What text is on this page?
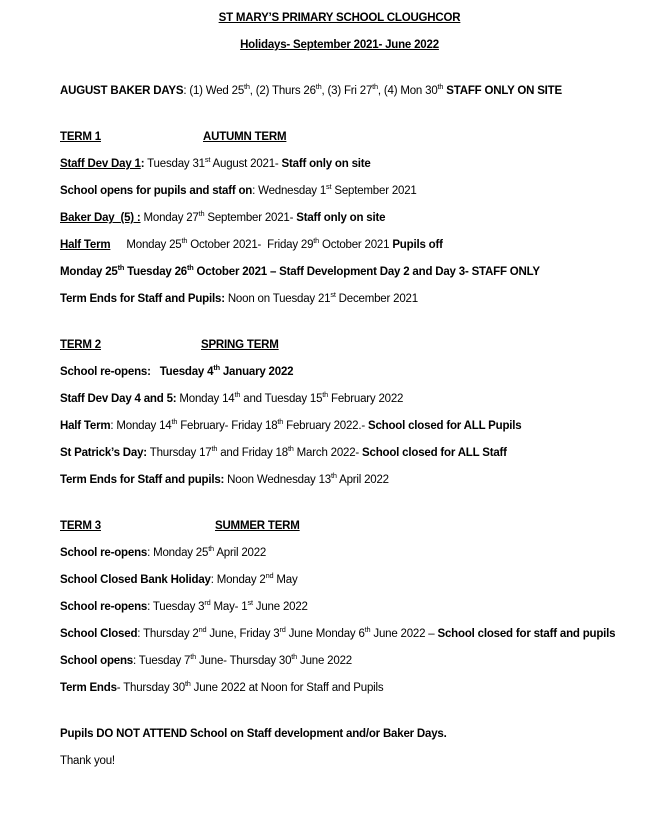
ST MARY’S PRIMARY SCHOOL CLOUGHCOR

Holidays- September 2021- June 2022

AUGUST BAKER DAYS: (1) Wed 25th, (2) Thurs 26th, (3) Fri 27th, (4) Mon 30th STAFF ONLY ON SITE

TERM 1	AUTUMN TERM

Staff Dev Day 1: Tuesday 31st August 2021- Staff only on site

School opens for pupils and staff on: Wednesday 1st September 2021

Baker Day  (5) : Monday 27th September 2021- Staff only on site

Half Term Monday 25th October 2021-  Friday 29th October 2021 Pupils off

Monday 25th Tuesday 26th October 2021 – Staff Development Day 2 and Day 3- STAFF ONLY

Term Ends for Staff and Pupils: Noon on Tuesday 21st December 2021

TERM 2	SPRING TERM

School re-opens:   Tuesday 4th January 2022

Staff Dev Day 4 and 5: Monday 14th and Tuesday 15th February 2022

Half Term: Monday 14th February- Friday 18th February 2022.- School closed for ALL Pupils

St Patrick’s Day: Thursday 17th and Friday 18th March 2022- School closed for ALL Staff

Term Ends for Staff and pupils: Noon Wednesday 13th April 2022

TERM 3	SUMMER TERM

School re-opens: Monday 25th April 2022

School Closed Bank Holiday: Monday 2nd May

School re-opens: Tuesday 3rd May- 1st June 2022

School Closed: Thursday 2nd June, Friday 3rd June Monday 6th June 2022 – School closed for staff and pupils

School opens: Tuesday 7th June- Thursday 30th June 2022

Term Ends- Thursday 30th June 2022 at Noon for Staff and Pupils

Pupils DO NOT ATTEND School on Staff development and/or Baker Days.

Thank you!
